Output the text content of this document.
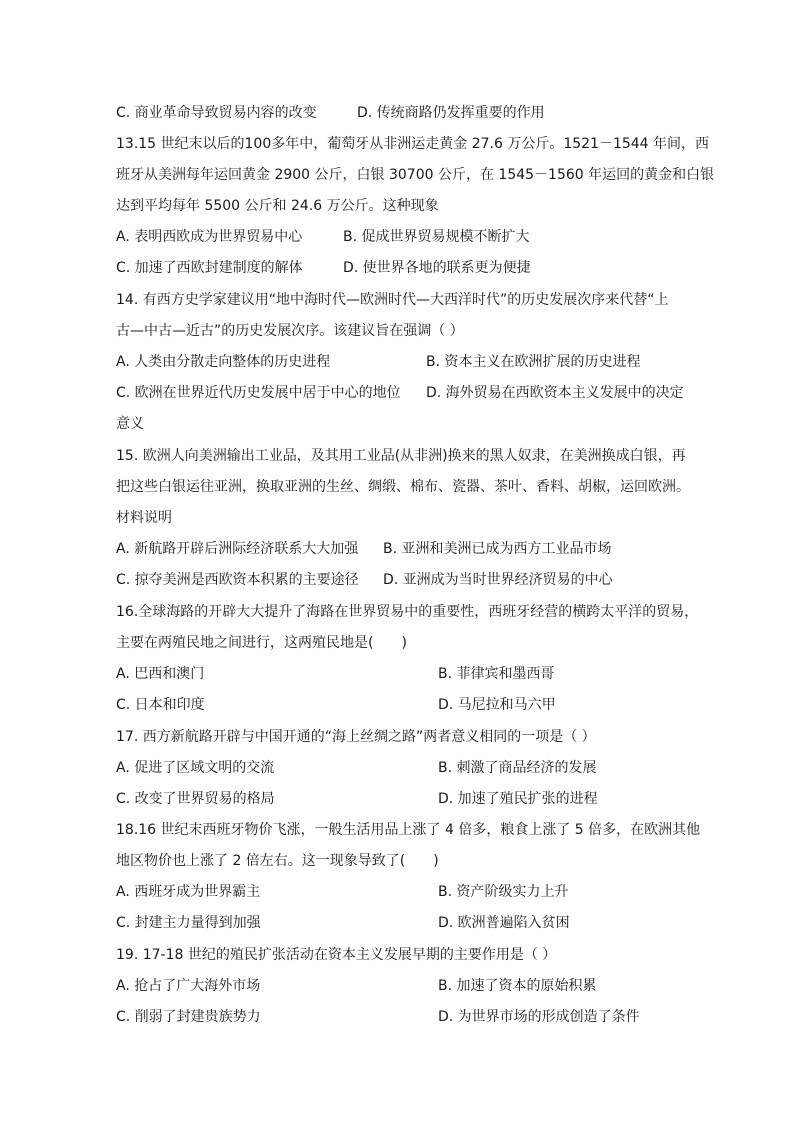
C. 商业革命导致贸易内容的改变	D. 传统商路仍发挥重要的作用
13.15 世纪末以后的100多年中，葡萄牙从非洲运走黄金 27.6 万公斤。1521－1544 年间，西
班牙从美洲每年运回黄金 2900 公斤，白银 30700 公斤，在 1545－1560 年运回的黄金和白银
达到平均每年 5500 公斤和 24.6 万公斤。这种现象
A. 表明西欧成为世界贸易中心	B. 促成世界贸易规模不断扩大
C. 加速了西欧封建制度的解体	D. 使世界各地的联系更为便捷
14. 有西方史学家建议用“地中海时代—欧洲时代—大西洋时代”的历史发展次序来代替“上
古—中古—近古”的历史发展次序。该建议旨在强调（ ）
A. 人类由分散走向整体的历史进程	B. 资本主义在欧洲扩展的历史进程
C. 欧洲在世界近代历史发展中居于中心的地位 D. 海外贸易在西欧资本主义发展中的决定
意义
15. 欧洲人向美洲输出工业品，及其用工业品(从非洲)换来的黑人奴隶，在美洲换成白银，再
把这些白银运往亚洲，换取亚洲的生丝、绸缎、棉布、瓷器、茶叶、香料、胡椒，运回欧洲。
材料说明
A. 新航路开辟后洲际经济联系大大加强 B. 亚洲和美洲已成为西方工业品市场
C. 掠夺美洲是西欧资本积累的主要途径 D. 亚洲成为当时世界经济贸易的中心
16.全球海路的开辟大大提升了海路在世界贸易中的重要性，西班牙经营的横跨太平洋的贸易，
主要在两殖民地之间进行，这两殖民地是(　　)
A. 巴西和澳门	B. 菲律宾和墨西哥
C. 日本和印度	D. 马尼拉和马六甲
17. 西方新航路开辟与中国开通的“海上丝绸之路”两者意义相同的一项是（ ）
A. 促进了区域文明的交流	B. 刺激了商品经济的发展
C. 改变了世界贸易的格局	D. 加速了殖民扩张的进程
18.16 世纪末西班牙物价飞涨，一般生活用品上涨了 4 倍多，粮食上涨了 5 倍多，在欧洲其他
地区物价也上涨了 2 倍左右。这一现象导致了(　　)
A. 西班牙成为世界霸主	B. 资产阶级实力上升
C. 封建主力量得到加强	D. 欧洲普遍陷入贫困
19. 17-18 世纪的殖民扩张活动在资本主义发展早期的主要作用是（ ）
A. 抢占了广大海外市场	B. 加速了资本的原始积累
C. 削弱了封建贵族势力	D. 为世界市场的形成创造了条件
